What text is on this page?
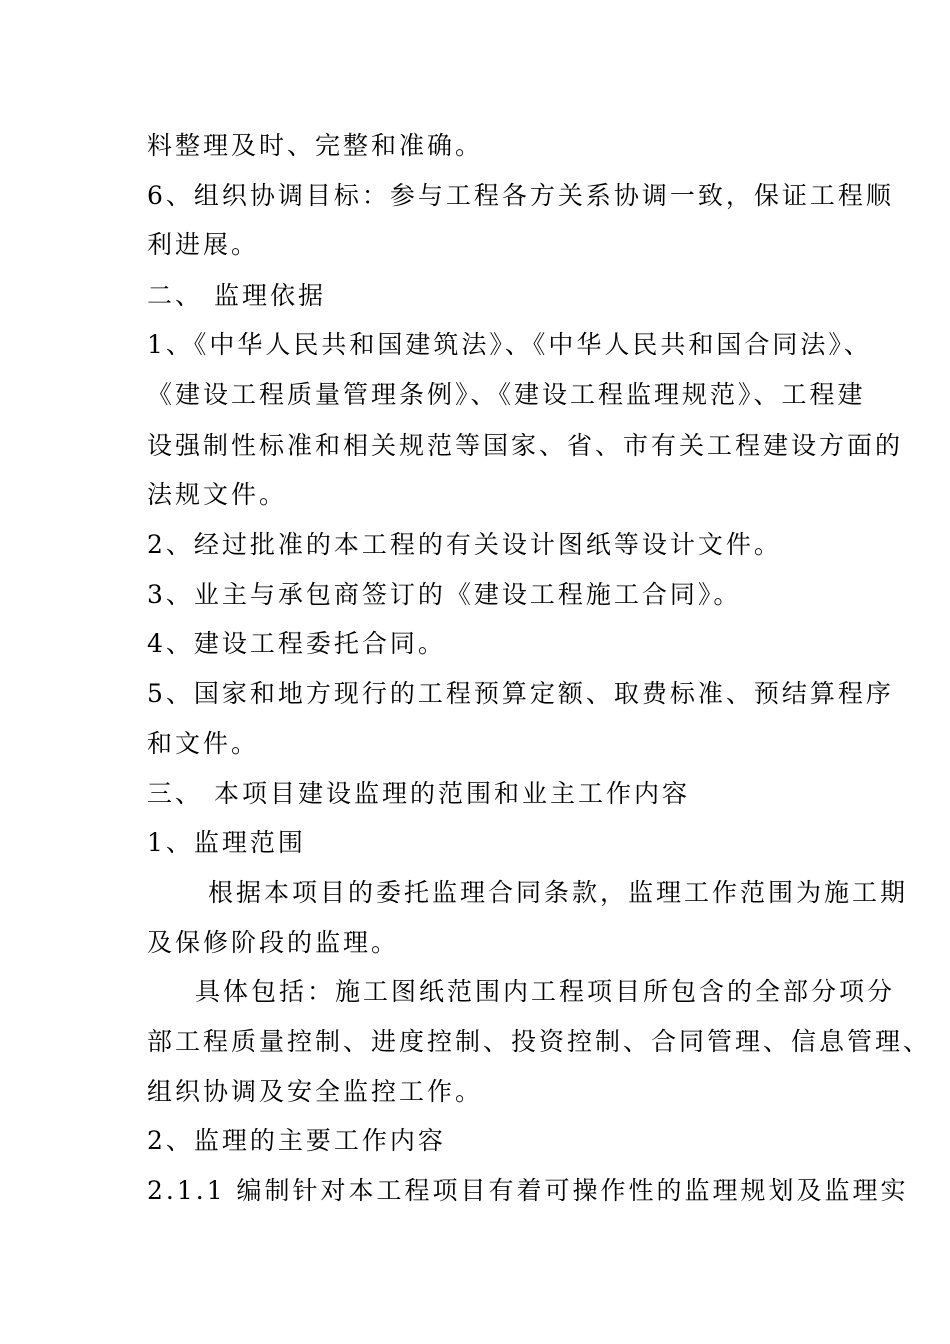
料整理及时、完整和准确。
6、组织协调目标：参与工程各方关系协调一致，保证工程顺
利进展。
二、 监理依据
1、《中华人民共和国建筑法》、《中华人民共和国合同法》、
《建设工程质量管理条例》、《建设工程监理规范》、工程建
设强制性标准和相关规范等国家、省、市有关工程建设方面的
法规文件。
2、经过批准的本工程的有关设计图纸等设计文件。
3、业主与承包商签订的《建设工程施工合同》。
4、建设工程委托合同。
5、国家和地方现行的工程预算定额、取费标准、预结算程序
和文件。
三、 本项目建设监理的范围和业主工作内容
1、监理范围
根据本项目的委托监理合同条款，监理工作范围为施工期
及保修阶段的监理。
具体包括：施工图纸范围内工程项目所包含的全部分项分
部工程质量控制、进度控制、投资控制、合同管理、信息管理、
组织协调及安全监控工作。
2、监理的主要工作内容
2.1.1 编制针对本工程项目有着可操作性的监理规划及监理实
